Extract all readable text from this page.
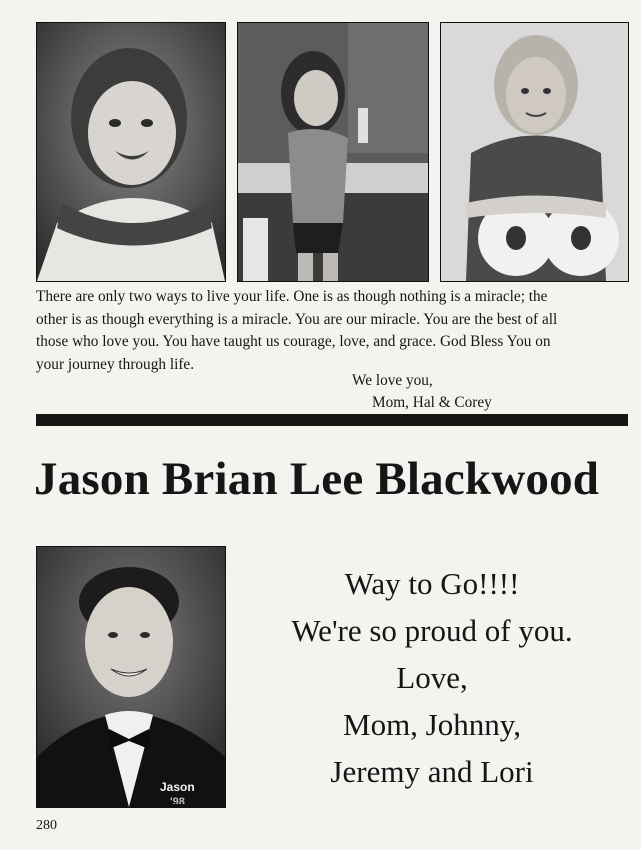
There are only two ways to live your life. One is as though nothing is a miracle; the
other is as though everything is a miracle. You are our miracle. You are the best of all
those who love you. You have taught us courage, love, and grace. God Bless You on
your journey through life.

We love you,

Mom, Hal & Corey

Jason Brian Lee Blackwood
Jason
'98
Way to Go!!!!
We're so proud of you.
Love,
Mom, Johnny,
Jeremy and Lori
280
